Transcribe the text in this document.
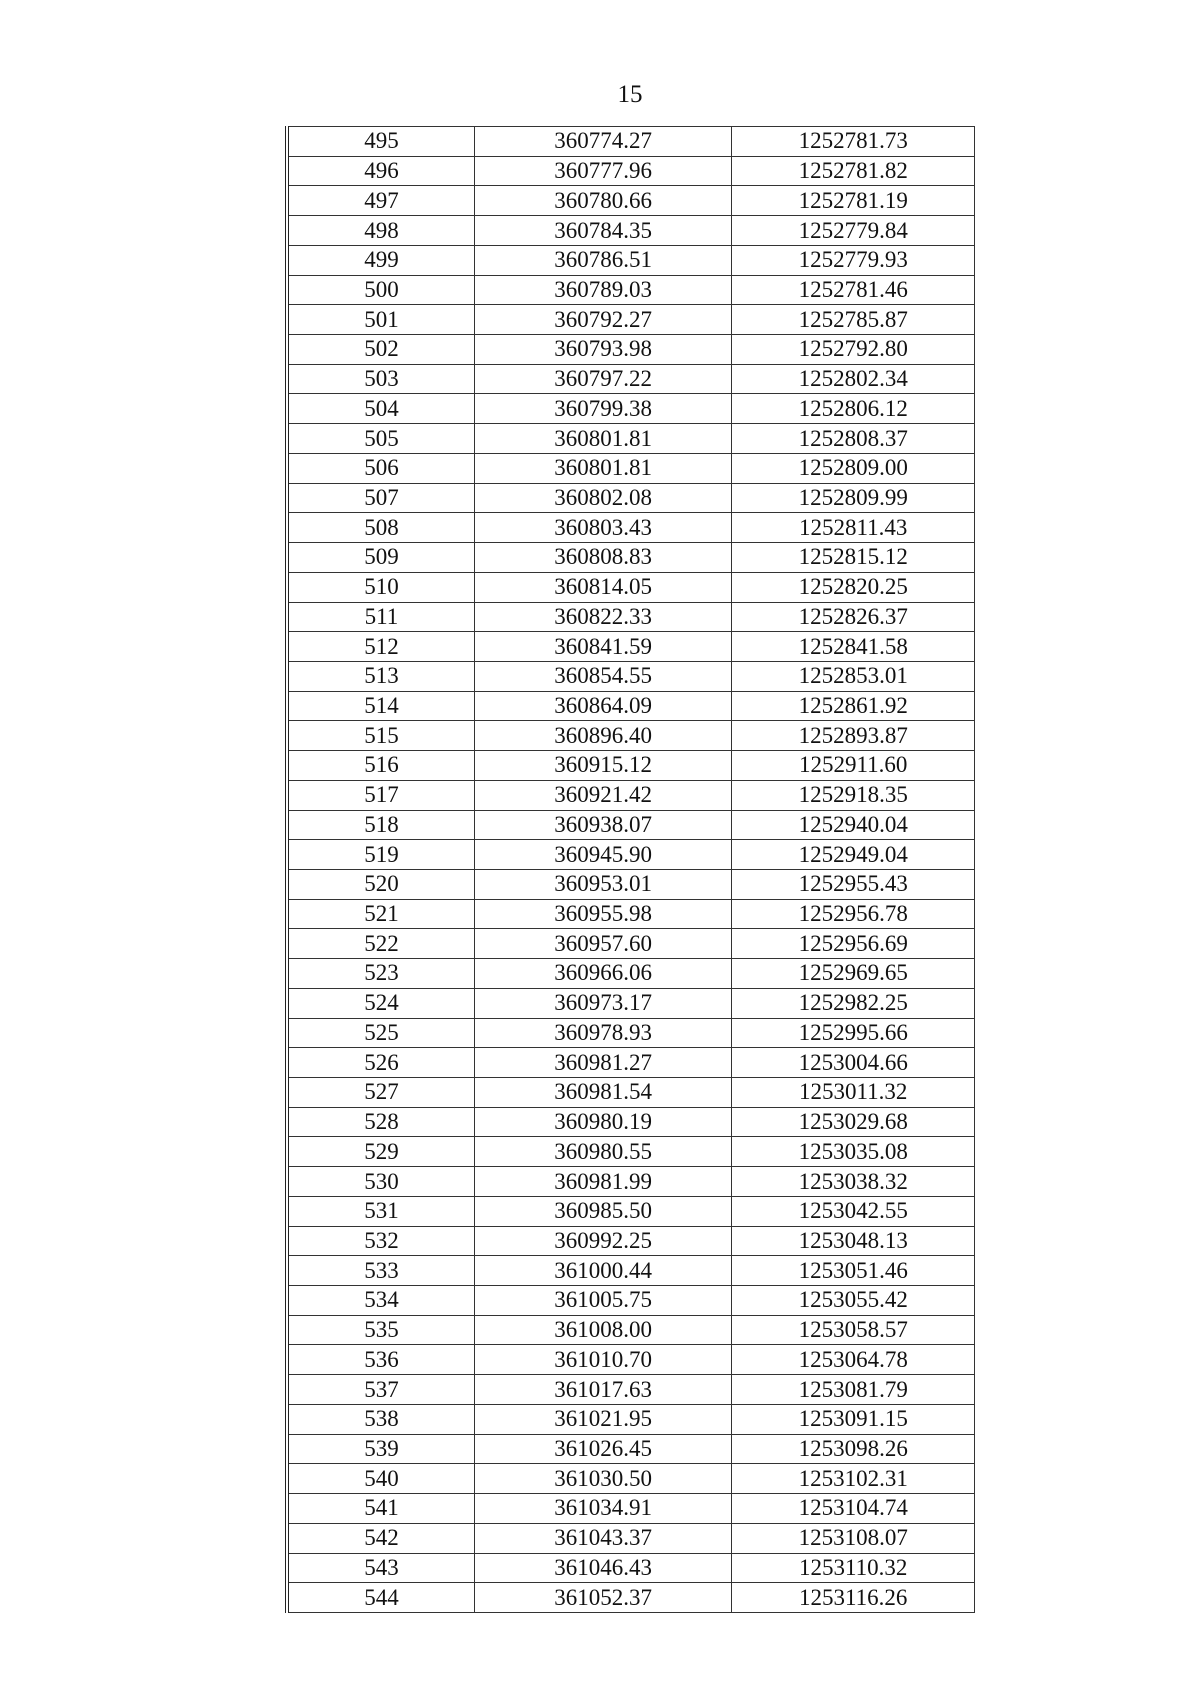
15
495	360774.27	1252781.73
496	360777.96	1252781.82
497	360780.66	1252781.19
498	360784.35	1252779.84
499	360786.51	1252779.93
500	360789.03	1252781.46
501	360792.27	1252785.87
502	360793.98	1252792.80
503	360797.22	1252802.34
504	360799.38	1252806.12
505	360801.81	1252808.37
506	360801.81	1252809.00
507	360802.08	1252809.99
508	360803.43	1252811.43
509	360808.83	1252815.12
510	360814.05	1252820.25
511	360822.33	1252826.37
512	360841.59	1252841.58
513	360854.55	1252853.01
514	360864.09	1252861.92
515	360896.40	1252893.87
516	360915.12	1252911.60
517	360921.42	1252918.35
518	360938.07	1252940.04
519	360945.90	1252949.04
520	360953.01	1252955.43
521	360955.98	1252956.78
522	360957.60	1252956.69
523	360966.06	1252969.65
524	360973.17	1252982.25
525	360978.93	1252995.66
526	360981.27	1253004.66
527	360981.54	1253011.32
528	360980.19	1253029.68
529	360980.55	1253035.08
530	360981.99	1253038.32
531	360985.50	1253042.55
532	360992.25	1253048.13
533	361000.44	1253051.46
534	361005.75	1253055.42
535	361008.00	1253058.57
536	361010.70	1253064.78
537	361017.63	1253081.79
538	361021.95	1253091.15
539	361026.45	1253098.26
540	361030.50	1253102.31
541	361034.91	1253104.74
542	361043.37	1253108.07
543	361046.43	1253110.32
544	361052.37	1253116.26
